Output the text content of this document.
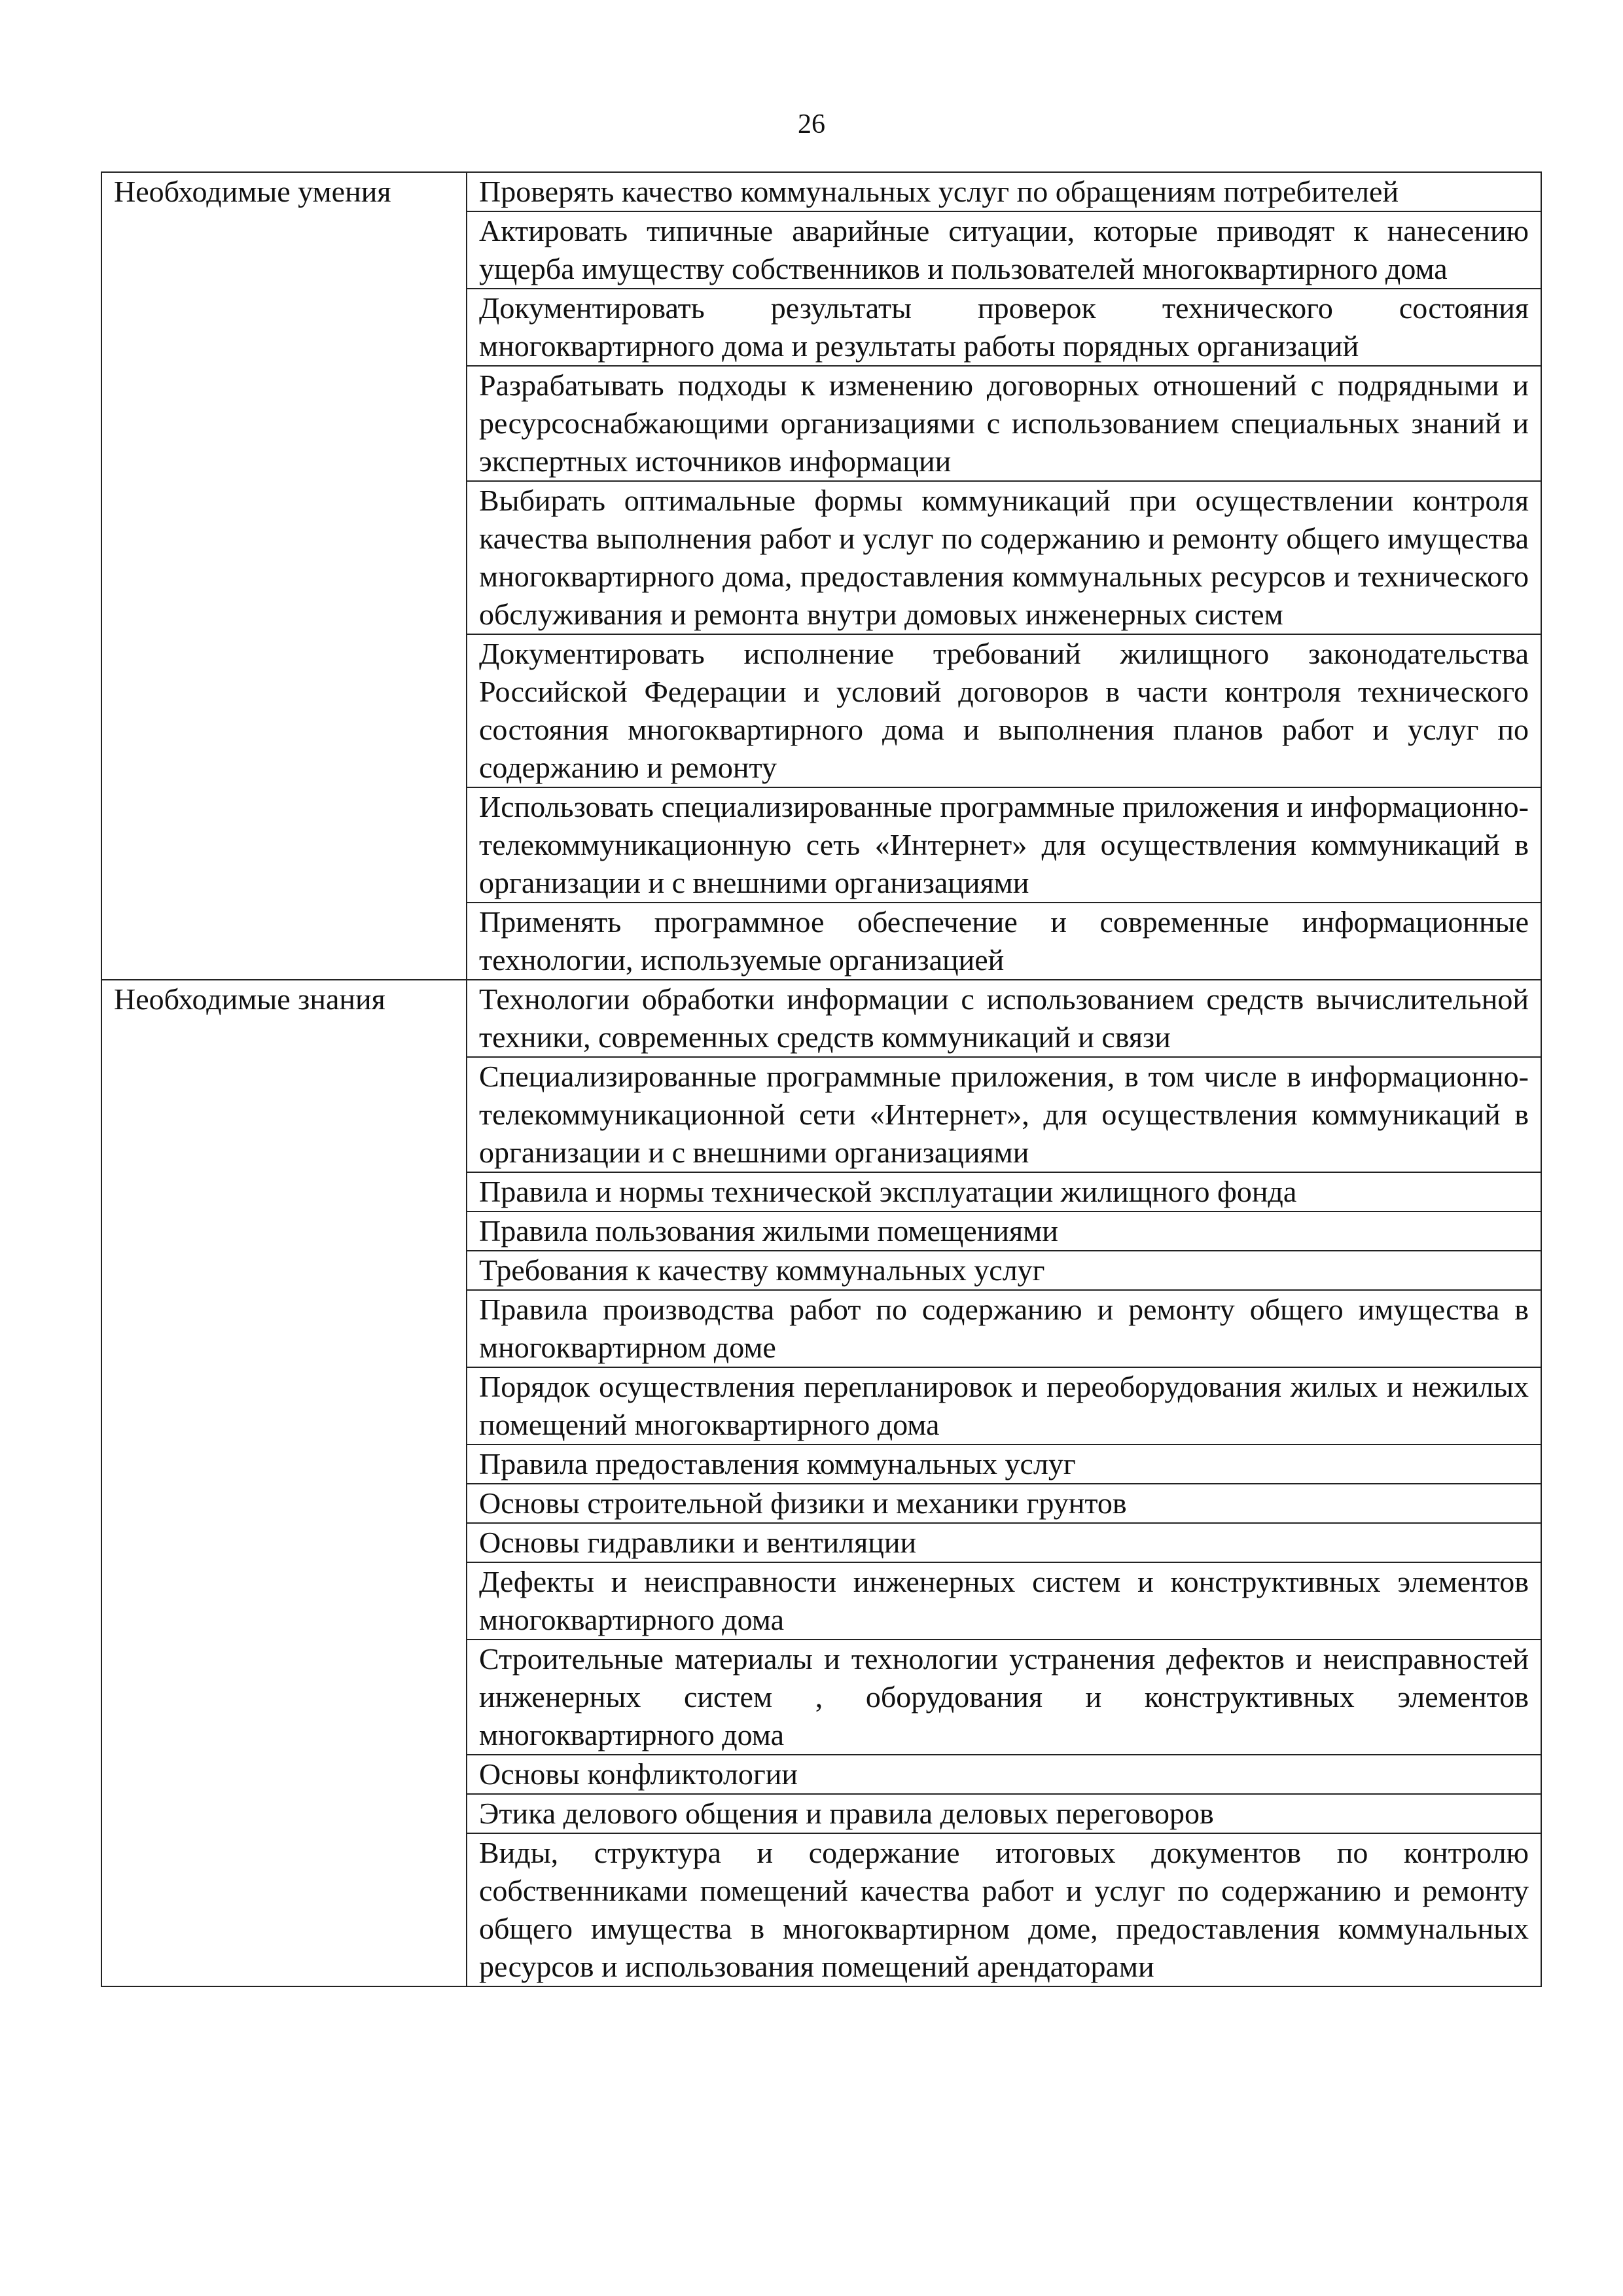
26
Необходимые умения	Проверять качество коммунальных услуг по обращениям потребителей
	Актировать типичные аварийные ситуации, которые приводят к нанесению ущерба имуществу собственников и пользователей многоквартирного дома
	Документировать результаты проверок технического состояния многоквартирного дома и результаты работы порядных организаций
	Разрабатывать подходы к изменению договорных отношений с подрядными и ресурсоснабжающими организациями с использованием специальных знаний и экспертных источников информации
	Выбирать оптимальные формы коммуникаций при осуществлении контроля качества выполнения работ и услуг по содержанию и ремонту общего имущества многоквартирного дома, предоставления коммунальных ресурсов и технического обслуживания и ремонта внутри домовых инженерных систем
	Документировать исполнение требований жилищного законодательства Российской Федерации и условий договоров в части контроля технического состояния многоквартирного дома и выполнения планов работ и услуг по содержанию и ремонту
	Использовать специализированные программные приложения и информационно-телекоммуникационную сеть «Интернет» для осуществления коммуникаций в организации и с внешними организациями
	Применять программное обеспечение и современные информационные технологии, используемые организацией
Необходимые знания	Технологии обработки информации с использованием средств вычислительной техники, современных средств коммуникаций и связи
	Специализированные программные приложения, в том числе в информационно-телекоммуникационной сети «Интернет», для осуществления коммуникаций в организации и с внешними организациями
	Правила и нормы технической эксплуатации жилищного фонда
	Правила пользования жилыми помещениями
	Требования к качеству коммунальных услуг
	Правила производства работ по содержанию и ремонту общего имущества в многоквартирном доме
	Порядок осуществления перепланировок и переоборудования жилых и нежилых помещений многоквартирного дома
	Правила предоставления коммунальных услуг
	Основы строительной физики и механики грунтов
	Основы гидравлики и вентиляции
	Дефекты и неисправности инженерных систем и конструктивных элементов многоквартирного дома
	Строительные материалы и технологии устранения дефектов и неисправностей инженерных систем , оборудования и конструктивных элементов многоквартирного дома
	Основы конфликтологии
	Этика делового общения и правила деловых переговоров
	Виды, структура и содержание итоговых документов по контролю собственниками помещений качества работ и услуг по содержанию и ремонту общего имущества в многоквартирном доме, предоставления коммунальных ресурсов и использования помещений арендаторами
